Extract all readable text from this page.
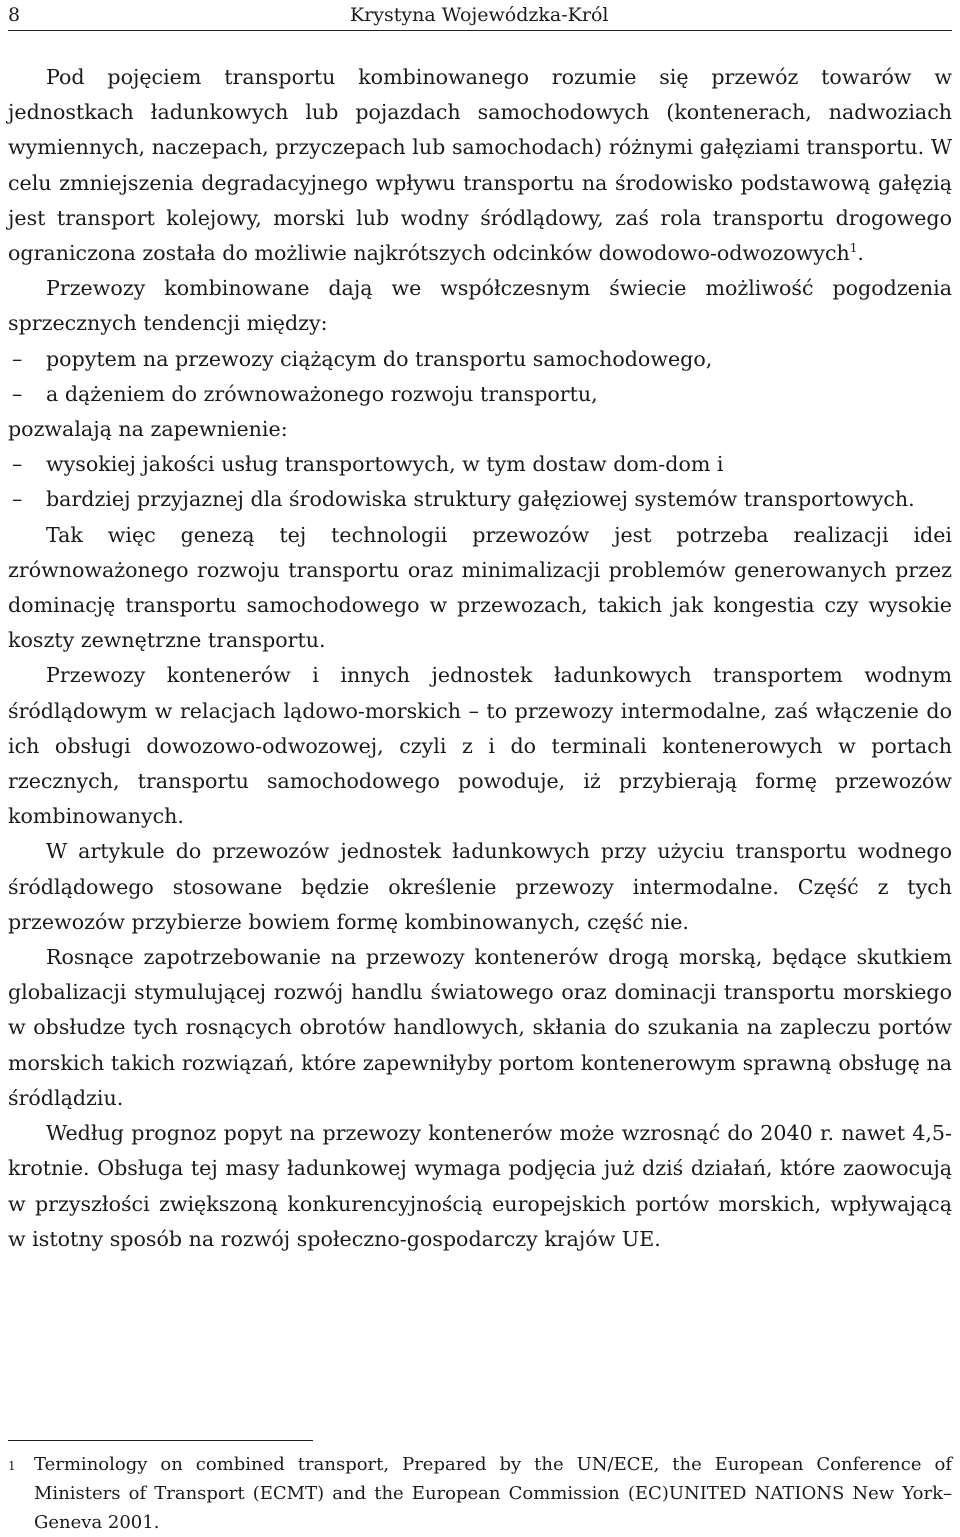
8	Krystyna Wojewódzka-Król

Pod pojęciem transportu kombinowanego rozumie się przewóz towarów w jednostkach ładunkowych lub pojazdach samochodowych (kontenerach, nadwoziach wymiennych, naczepach, przyczepach lub samochodach) różnymi gałęziami transportu. W celu zmniejszenia degradacyjnego wpływu transportu na środowisko podstawową gałęzią jest transport kolejowy, morski lub wodny śródlądowy, zaś rola transportu drogowego ograniczona została do możliwie najkrótszych odcinków dowodowo-odwozowych$^1$.

Przewozy kombinowane dają we współczesnym świecie możliwość pogodzenia sprzecznych tendencji między:

– popytem na przewozy ciążącym do transportu samochodowego,
– a dążeniem do zrównoważonego rozwoju transportu,

pozwalają na zapewnienie:

– wysokiej jakości usług transportowych, w tym dostaw dom-dom i
– bardziej przyjaznej dla środowiska struktury gałęziowej systemów transportowych.

Tak więc genezą tej technologii przewozów jest potrzeba realizacji idei zrównoważonego rozwoju transportu oraz minimalizacji problemów generowanych przez dominację transportu samochodowego w przewozach, takich jak kongestia czy wysokie koszty zewnętrzne transportu.

Przewozy kontenerów i innych jednostek ładunkowych transportem wodnym śródlądowym w relacjach lądowo-morskich – to przewozy intermodalne, zaś włączenie do ich obsługi dowozowo-odwozowej, czyli z i do terminali kontenerowych w portach rzecznych, transportu samochodowego powoduje, iż przybierają formę przewozów kombinowanych.

W artykule do przewozów jednostek ładunkowych przy użyciu transportu wodnego śródlądowego stosowane będzie określenie przewozy intermodalne. Część z tych przewozów przybierze bowiem formę kombinowanych, część nie.

Rosnące zapotrzebowanie na przewozy kontenerów drogą morską, będące skutkiem globalizacji stymulującej rozwój handlu światowego oraz dominacji transportu morskiego w obsłudze tych rosnących obrotów handlowych, skłania do szukania na zapleczu portów morskich takich rozwiązań, które zapewniłyby portom kontenerowym sprawną obsługę na śródlądziu.

Według prognoz popyt na przewozy kontenerów może wzrosnąć do 2040 r. nawet 4,5-krotnie. Obsługa tej masy ładunkowej wymaga podjęcia już dziś działań, które zaowocują w przyszłości zwiększoną konkurencyjnością europejskich portów morskich, wpływającą w istotny sposób na rozwój społeczno-gospodarczy krajów UE.

1	Terminology on combined transport, Prepared by the UN/ECE, the European Conference of Ministers of Transport (ECMT) and the European Commission (EC)UNITED NATIONS New York–Geneva 2001.
